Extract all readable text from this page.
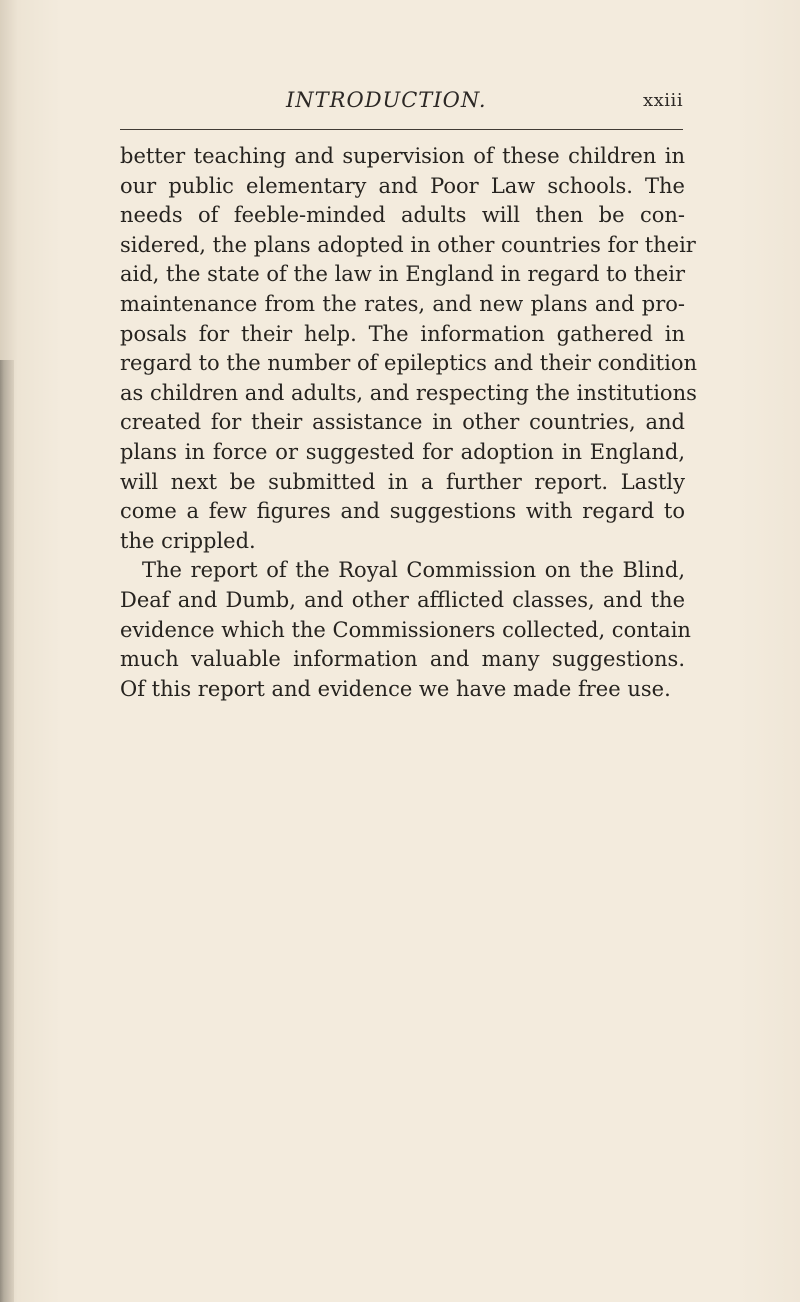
INTRODUCTION.	xxiii
better teaching and supervision of these children in
our public elementary and Poor Law schools. The
needs of feeble-minded adults will then be con-
sidered, the plans adopted in other countries for their
aid, the state of the law in England in regard to their
maintenance from the rates, and new plans and pro-
posals for their help. The information gathered in
regard to the number of epileptics and their condition
as children and adults, and respecting the institutions
created for their assistance in other countries, and
plans in force or suggested for adoption in England,
will next be submitted in a further report. Lastly
come a few figures and suggestions with regard to
the crippled.
The report of the Royal Commission on the Blind,
Deaf and Dumb, and other afflicted classes, and the
evidence which the Commissioners collected, contain
much valuable information and many suggestions.
Of this report and evidence we have made free use.
